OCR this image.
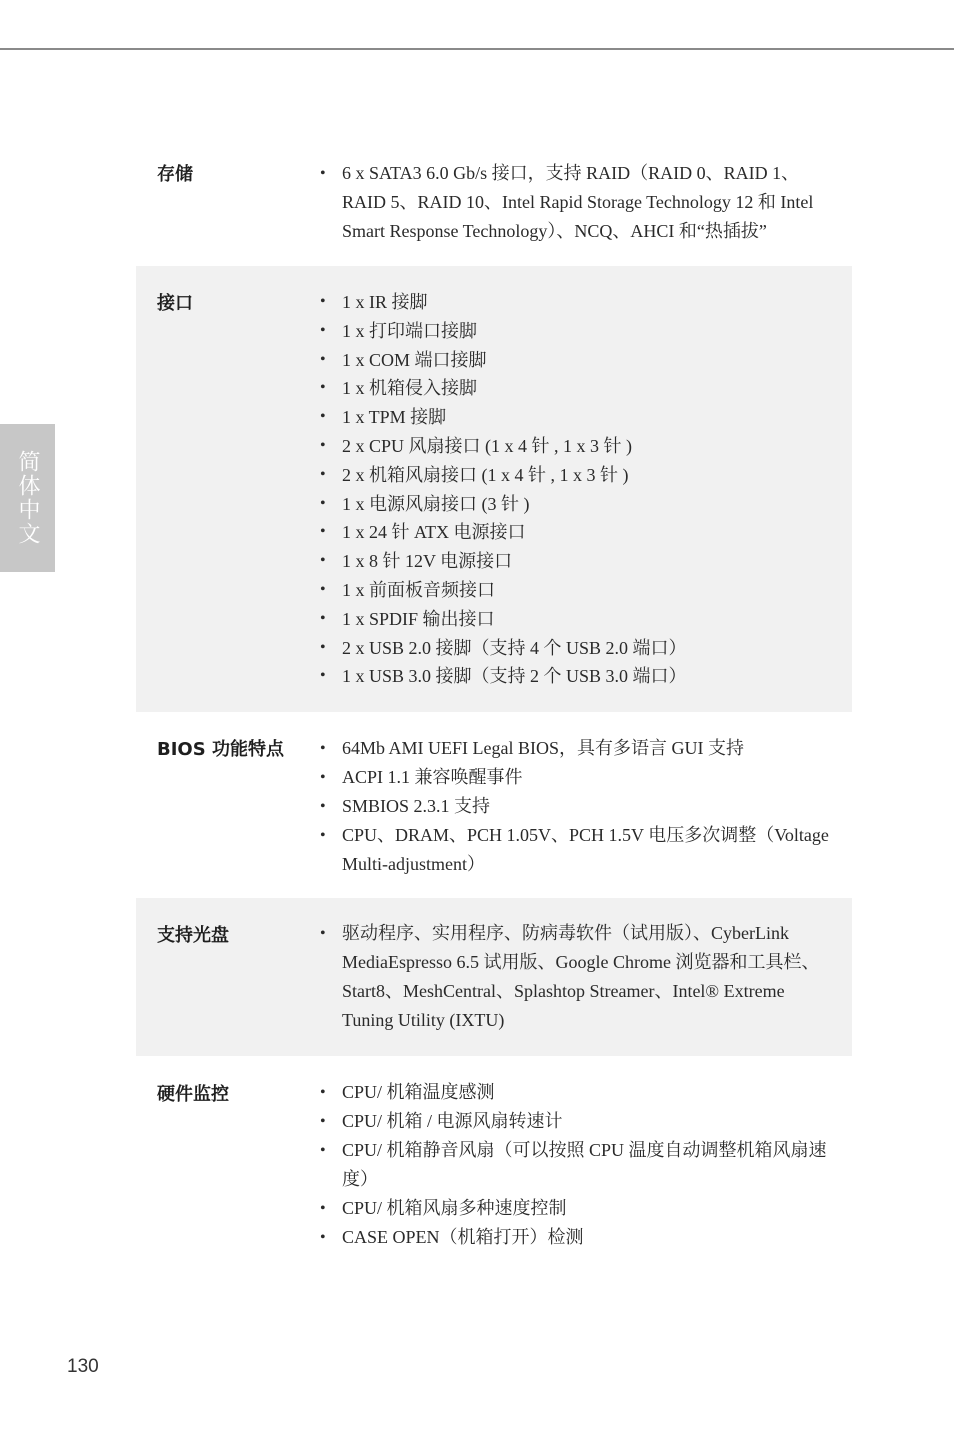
简体中文
存储	• 6 x SATA3 6.0 Gb/s 接口，支持 RAID（RAID 0、RAID 1、RAID 5、RAID 10、Intel Rapid Storage Technology 12 和 Intel Smart Response Technology）、NCQ、AHCI 和“热插拔”
接口	• 1 x IR 接脚
• 1 x 打印端口接脚
• 1 x COM 端口接脚
• 1 x 机箱侵入接脚
• 1 x TPM 接脚
• 2 x CPU 风扇接口 (1 x 4 针 , 1 x 3 针 )
• 2 x 机箱风扇接口 (1 x 4 针 , 1 x 3 针 )
• 1 x 电源风扇接口 (3 针 )
• 1 x 24 针 ATX 电源接口
• 1 x 8 针 12V 电源接口
• 1 x 前面板音频接口
• 1 x SPDIF 输出接口
• 2 x USB 2.0 接脚（支持 4 个 USB 2.0 端口）
• 1 x USB 3.0 接脚（支持 2 个 USB 3.0 端口）
BIOS 功能特点	• 64Mb AMI UEFI Legal BIOS，具有多语言 GUI 支持
• ACPI 1.1 兼容唤醒事件
• SMBIOS 2.3.1 支持
• CPU、DRAM、PCH 1.05V、PCH 1.5V 电压多次调整（Voltage Multi-adjustment）
支持光盘	• 驱动程序、实用程序、防病毒软件（试用版）、CyberLink MediaEspresso 6.5 试用版、Google Chrome 浏览器和工具栏、Start8、MeshCentral、Splashtop Streamer、Intel® Extreme Tuning Utility (IXTU)
硬件监控	• CPU/ 机箱温度感测
• CPU/ 机箱 / 电源风扇转速计
• CPU/ 机箱静音风扇（可以按照 CPU 温度自动调整机箱风扇速度）
• CPU/ 机箱风扇多种速度控制
• CASE OPEN（机箱打开）检测
130
